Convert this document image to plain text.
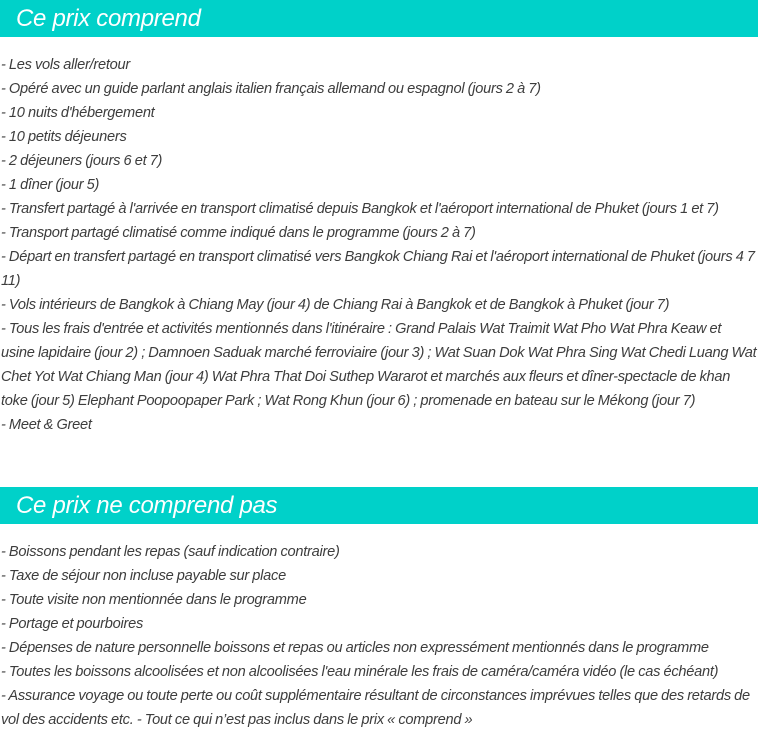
Ce prix comprend
- Les vols aller/retour
- Opéré avec un guide parlant anglais italien français allemand ou espagnol (jours 2 à 7)
- 10 nuits d'hébergement
- 10 petits déjeuners
- 2 déjeuners (jours 6 et 7)
- 1 dîner (jour 5)
- Transfert partagé à l'arrivée en transport climatisé depuis Bangkok et l'aéroport international de Phuket (jours 1 et 7)
- Transport partagé climatisé comme indiqué dans le programme (jours 2 à 7)
- Départ en transfert partagé en transport climatisé vers Bangkok Chiang Rai et l'aéroport international de Phuket (jours 4 7 11)
- Vols intérieurs de Bangkok à Chiang May (jour 4) de Chiang Rai à Bangkok et de Bangkok à Phuket (jour 7)
- Tous les frais d'entrée et activités mentionnés dans l'itinéraire : Grand Palais Wat Traimit Wat Pho Wat Phra Keaw et usine lapidaire (jour 2) ; Damnoen Saduak marché ferroviaire (jour 3) ; Wat Suan Dok Wat Phra Sing Wat Chedi Luang Wat Chet Yot Wat Chiang Man (jour 4) Wat Phra That Doi Suthep Wararot et marchés aux fleurs et dîner-spectacle de khan toke (jour 5) Elephant Poopoopaper Park ; Wat Rong Khun (jour 6) ; promenade en bateau sur le Mékong (jour 7)
- Meet & Greet
Ce prix ne comprend pas
- Boissons pendant les repas (sauf indication contraire)
- Taxe de séjour non incluse payable sur place
- Toute visite non mentionnée dans le programme
- Portage et pourboires
- Dépenses de nature personnelle boissons et repas ou articles non expressément mentionnés dans le programme
- Toutes les boissons alcoolisées et non alcoolisées l'eau minérale les frais de caméra/caméra vidéo (le cas échéant)
- Assurance voyage ou toute perte ou coût supplémentaire résultant de circonstances imprévues telles que des retards de vol des accidents etc. - Tout ce qui n’est pas inclus dans le prix « comprend »
